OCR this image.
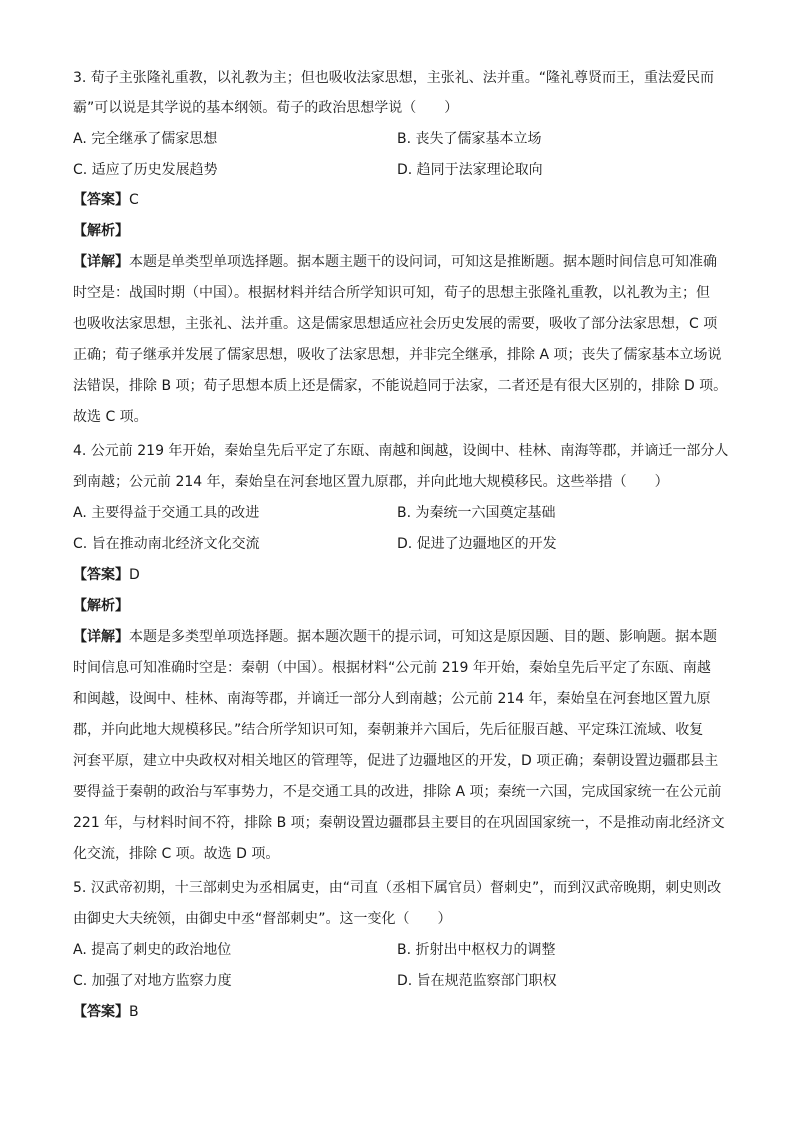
3. 荀子主张隆礼重教，以礼教为主；但也吸收法家思想，主张礼、法并重。“隆礼尊贤而王，重法爱民而
霸”可以说是其学说的基本纲领。荀子的政治思想学说（　　）
A. 完全继承了儒家思想	B. 丧失了儒家基本立场
C. 适应了历史发展趋势	D. 趋同于法家理论取向
【答案】C
【解析】
【详解】本题是单类型单项选择题。据本题主题干的设问词，可知这是推断题。据本题时间信息可知准确
时空是：战国时期（中国）。根据材料并结合所学知识可知，荀子的思想主张隆礼重教，以礼教为主；但
也吸收法家思想，主张礼、法并重。这是儒家思想适应社会历史发展的需要，吸收了部分法家思想，C 项
正确；荀子继承并发展了儒家思想，吸收了法家思想，并非完全继承，排除 A 项；丧失了儒家基本立场说
法错误，排除 B 项；荀子思想本质上还是儒家，不能说趋同于法家，二者还是有很大区别的，排除 D 项。
故选 C 项。
4. 公元前 219 年开始，秦始皇先后平定了东瓯、南越和闽越，设闽中、桂林、南海等郡，并谪迁一部分人
到南越；公元前 214 年，秦始皇在河套地区置九原郡，并向此地大规模移民。这些举措（　　）
A. 主要得益于交通工具的改进	B. 为秦统一六国奠定基础
C. 旨在推动南北经济文化交流	D. 促进了边疆地区的开发
【答案】D
【解析】
【详解】本题是多类型单项选择题。据本题次题干的提示词，可知这是原因题、目的题、影响题。据本题
时间信息可知准确时空是：秦朝（中国）。根据材料“公元前 219 年开始，秦始皇先后平定了东瓯、南越
和闽越，设闽中、桂林、南海等郡，并谪迁一部分人到南越；公元前 214 年，秦始皇在河套地区置九原
郡，并向此地大规模移民。”结合所学知识可知，秦朝兼并六国后，先后征服百越、平定珠江流域、收复
河套平原，建立中央政权对相关地区的管理等，促进了边疆地区的开发，D 项正确；秦朝设置边疆郡县主
要得益于秦朝的政治与军事势力，不是交通工具的改进，排除 A 项；秦统一六国，完成国家统一在公元前
221 年，与材料时间不符，排除 B 项；秦朝设置边疆郡县主要目的在巩固国家统一，不是推动南北经济文
化交流，排除 C 项。故选 D 项。
5. 汉武帝初期，十三部刺史为丞相属吏，由“司直（丞相下属官员）督刺史”，而到汉武帝晚期，刺史则改
由御史大夫统领，由御史中丞“督部刺史”。这一变化（　　）
A. 提高了刺史的政治地位	B. 折射出中枢权力的调整
C. 加强了对地方监察力度	D. 旨在规范监察部门职权
【答案】B
